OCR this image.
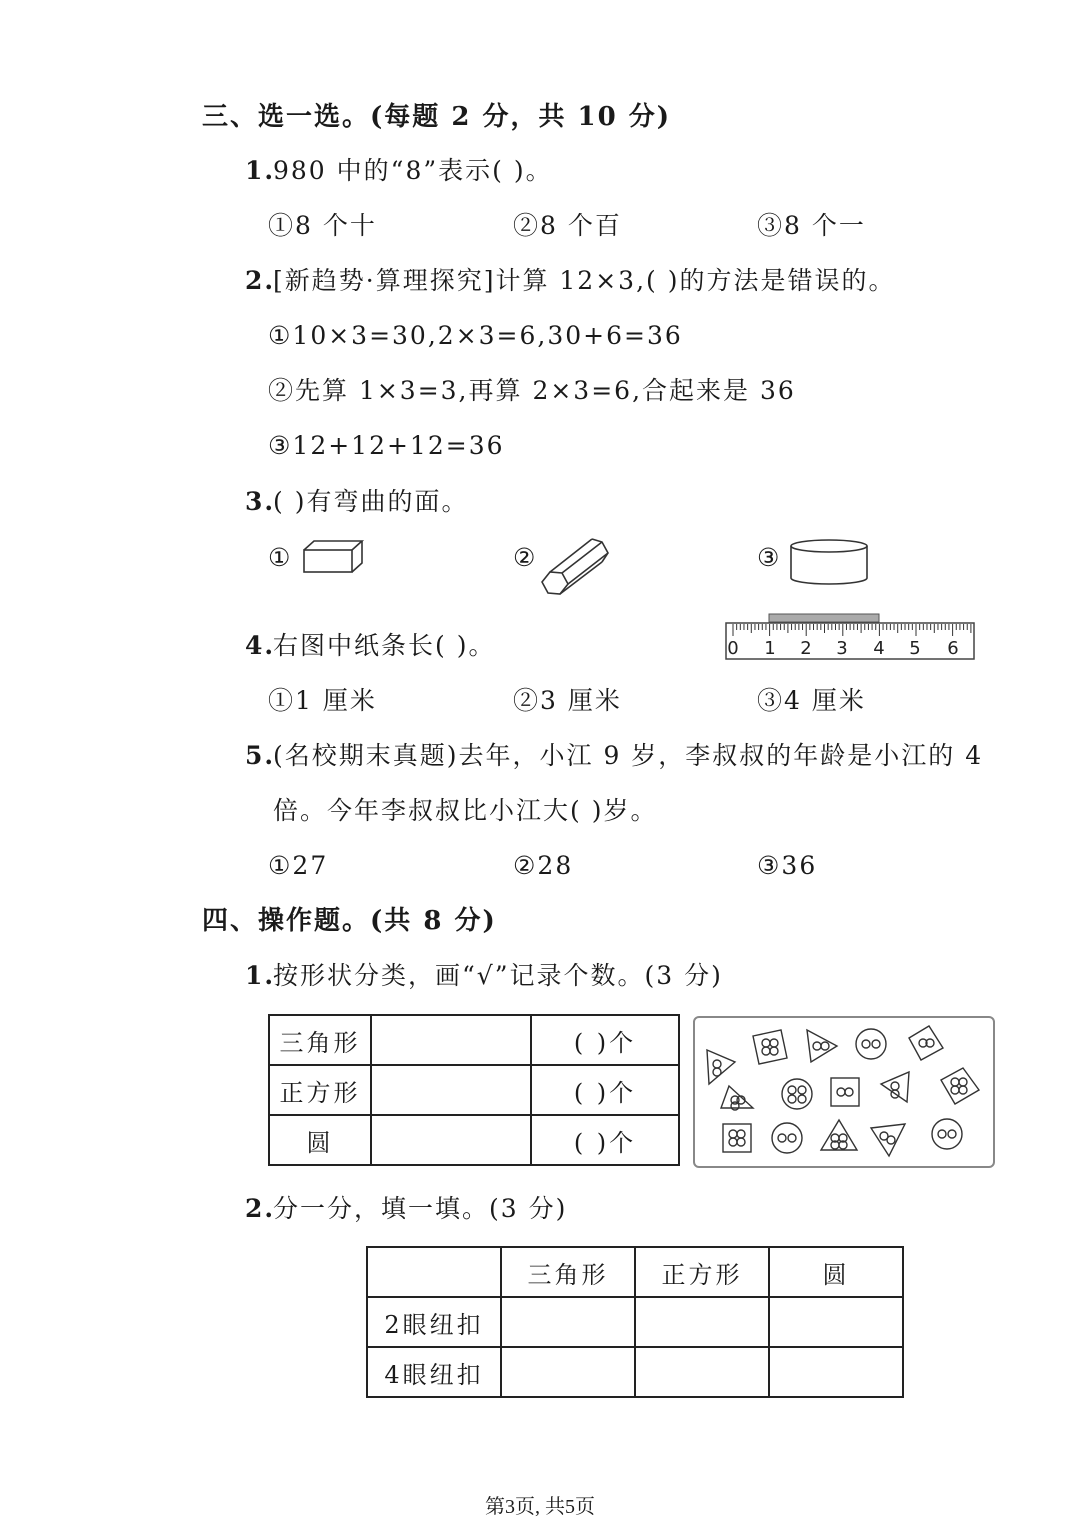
三、选一选。(每题 2 分，共 10 分)
1.
980 中的“8”表示( )。
①8 个十	②8 个百	③8 个一
2.
[新趋势·算理探究]计算 12×3,( )的方法是错误的。
①10×3=30,2×3=6,30+6=36
②先算 1×3=3,再算 2×3=6,合起来是 36
③12+12+12=36
3.
( )有弯曲的面。
①	②	③
4.
右图中纸条长( )。	0 1 2 3 4 5 6
①1 厘米	②3 厘米	③4 厘米
5.
(名校期末真题)去年，小江 9 岁，李叔叔的年龄是小江的 4
倍。今年李叔叔比小江大( )岁。
①27	②28	③36
四、操作题。(共 8 分)
1.
按形状分类，画“√”记录个数。(3 分)
三角形		( )个
正方形		( )个
圆		( )个
2.
分一分，填一填。(3 分)
	三角形	正方形	圆
2眼纽扣			
4眼纽扣			
第3页, 共5页
